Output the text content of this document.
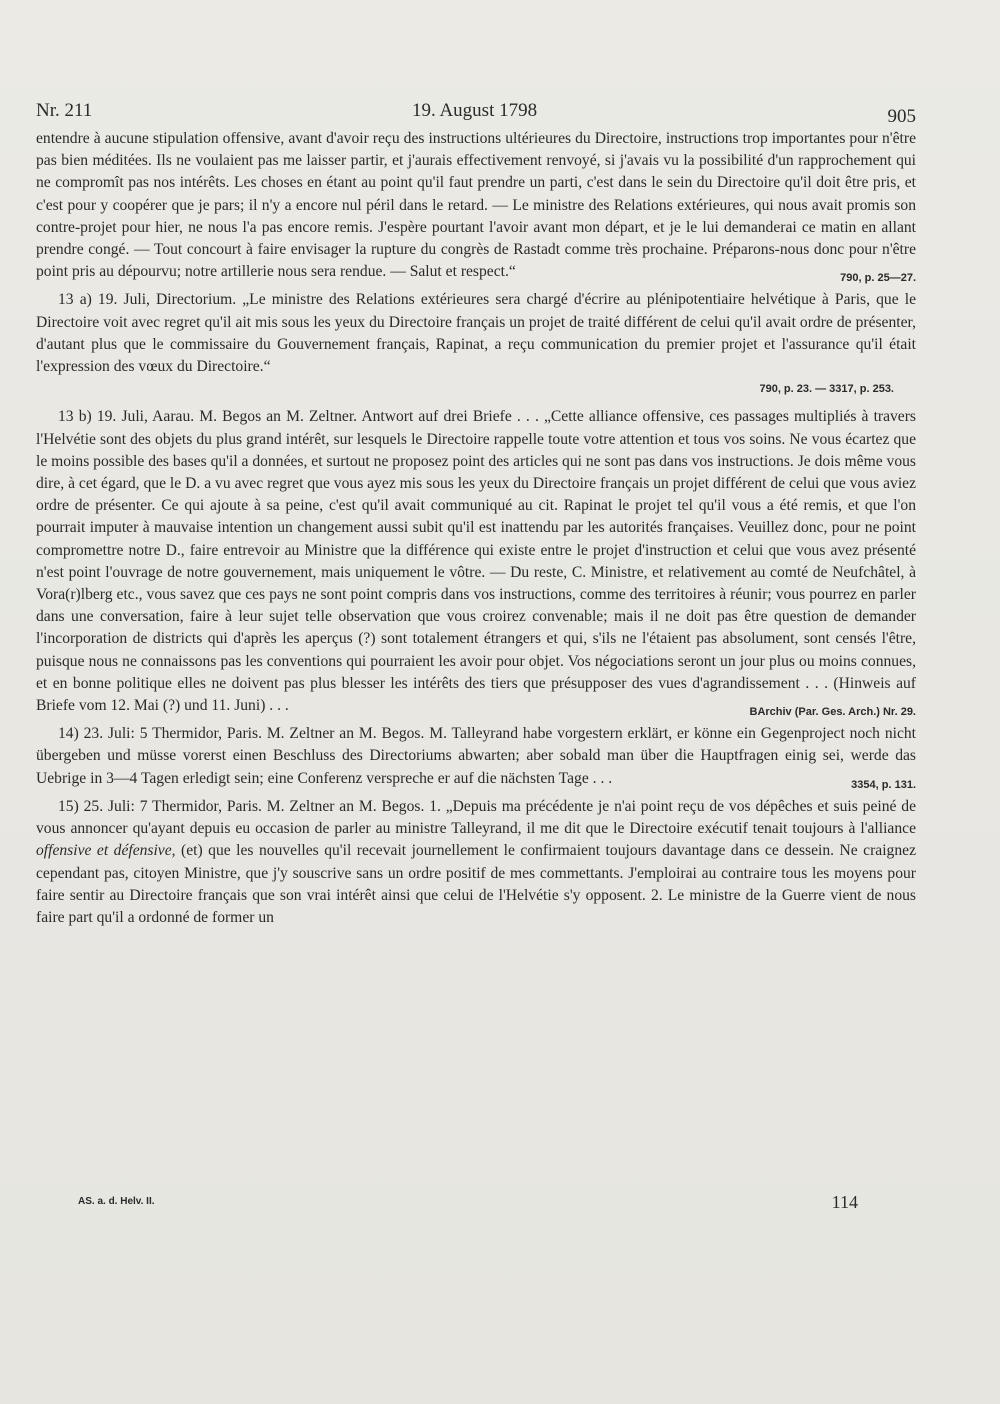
Nr. 211	19. August 1798	905

entendre à aucune stipulation offensive, avant d'avoir reçu des instructions ultérieures du Directoire, instructions trop importantes pour n'être pas bien méditées. Ils ne voulaient pas me laisser partir, et j'aurais effectivement renvoyé, si j'avais vu la possibilité d'un rapprochement qui ne compromît pas nos intérêts. Les choses en étant au point qu'il faut prendre un parti, c'est dans le sein du Directoire qu'il doit être pris, et c'est pour y coopérer que je pars; il n'y a encore nul péril dans le retard. — Le ministre des Relations extérieures, qui nous avait promis son contre-projet pour hier, ne nous l'a pas encore remis. J'espère pourtant l'avoir avant mon départ, et je le lui demanderai ce matin en allant prendre congé. — Tout concourt à faire envisager la rupture du congrès de Rastadt comme très prochaine. Préparons-nous donc pour n'être point pris au dépourvu; notre artillerie nous sera rendue. — Salut et respect.“	790, p. 25—27.

13 a) 19. Juli, Directorium. „Le ministre des Relations extérieures sera chargé d'écrire au plénipotentiaire helvétique à Paris, que le Directoire voit avec regret qu'il ait mis sous les yeux du Directoire français un projet de traité différent de celui qu'il avait ordre de présenter, d'autant plus que le commissaire du Gouvernement français, Rapinat, a reçu communication du premier projet et l'assurance qu'il était l'expression des vœux du Directoire.“

790, p. 23. — 3317, p. 253.

13 b) 19. Juli, Aarau. M. Begos an M. Zeltner. Antwort auf drei Briefe . . . „Cette alliance offensive, ces passages multipliés à travers l'Helvétie sont des objets du plus grand intérêt, sur lesquels le Directoire rappelle toute votre attention et tous vos soins. Ne vous écartez que le moins possible des bases qu'il a données, et surtout ne proposez point des articles qui ne sont pas dans vos instructions. Je dois même vous dire, à cet égard, que le D. a vu avec regret que vous ayez mis sous les yeux du Directoire français un projet différent de celui que vous aviez ordre de présenter. Ce qui ajoute à sa peine, c'est qu'il avait communiqué au cit. Rapinat le projet tel qu'il vous a été remis, et que l'on pourrait imputer à mauvaise intention un changement aussi subit qu'il est inattendu par les autorités françaises. Veuillez donc, pour ne point compromettre notre D., faire entrevoir au Ministre que la différence qui existe entre le projet d'instruction et celui que vous avez présenté n'est point l'ouvrage de notre gouvernement, mais uniquement le vôtre. — Du reste, C. Ministre, et relativement au comté de Neufchâtel, à Vora(r)lberg etc., vous savez que ces pays ne sont point compris dans vos instructions, comme des territoires à réunir; vous pourrez en parler dans une conversation, faire à leur sujet telle observation que vous croirez convenable; mais il ne doit pas être question de demander l'incorporation de districts qui d'après les aperçus (?) sont totalement étrangers et qui, s'ils ne l'étaient pas absolument, sont censés l'être, puisque nous ne connaissons pas les conventions qui pourraient les avoir pour objet. Vos négociations seront un jour plus ou moins connues, et en bonne politique elles ne doivent pas plus blesser les intérêts des tiers que présupposer des vues d'agrandissement . . . (Hinweis auf Briefe vom 12. Mai (?) und 11. Juni) . . .	BArchiv (Par. Ges. Arch.) Nr. 29.

14) 23. Juli: 5 Thermidor, Paris. M. Zeltner an M. Begos. M. Talleyrand habe vorgestern erklärt, er könne ein Gegenproject noch nicht übergeben und müsse vorerst einen Beschluss des Directoriums abwarten; aber sobald man über die Hauptfragen einig sei, werde das Uebrige in 3—4 Tagen erledigt sein; eine Conferenz verspreche er auf die nächsten Tage . . .	3354, p. 131.

15) 25. Juli: 7 Thermidor, Paris. M. Zeltner an M. Begos. 1. „Depuis ma précédente je n'ai point reçu de vos dépêches et suis peiné de vous annoncer qu'ayant depuis eu occasion de parler au ministre Talleyrand, il me dit que le Directoire exécutif tenait toujours à l'alliance offensive et défensive, (et) que les nouvelles qu'il recevait journellement le confirmaient toujours davantage dans ce dessein. Ne craignez cependant pas, citoyen Ministre, que j'y souscrive sans un ordre positif de mes commettants. J'emploirai au contraire tous les moyens pour faire sentir au Directoire français que son vrai intérêt ainsi que celui de l'Helvétie s'y opposent. 2. Le ministre de la Guerre vient de nous faire part qu'il a ordonné de former un

AS. a. d. Helv. II.	114
